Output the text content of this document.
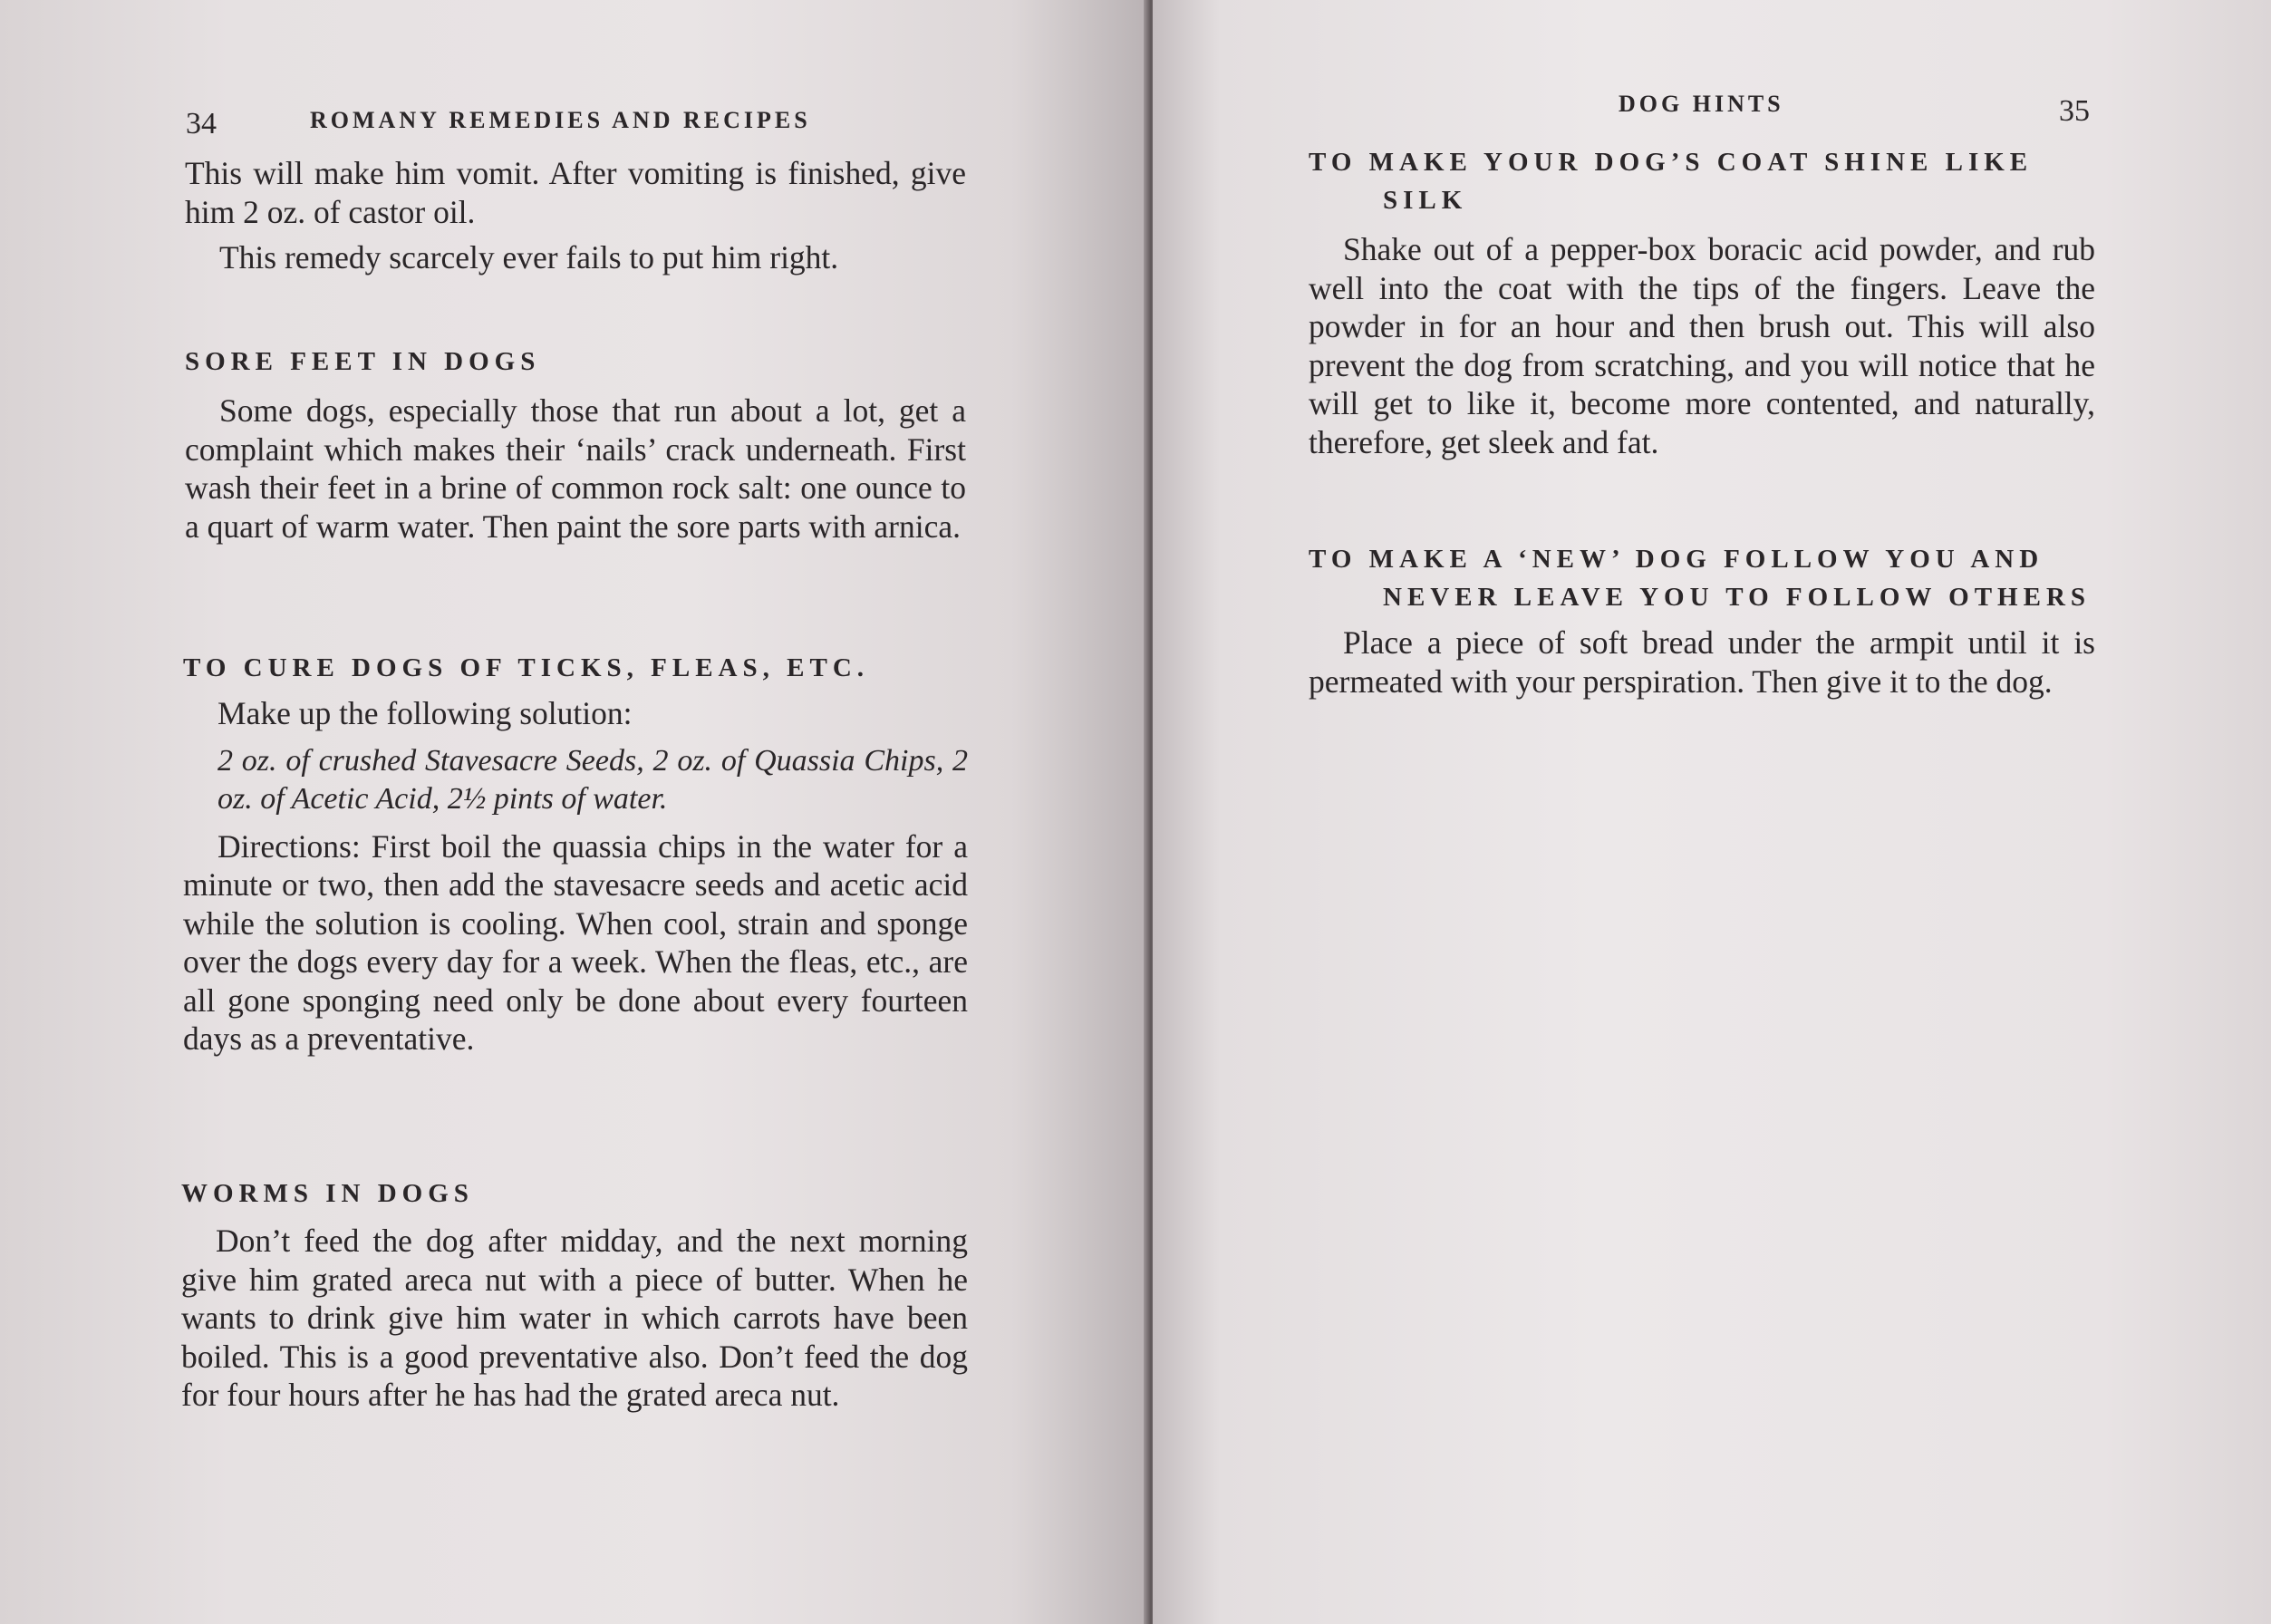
34	ROMANY REMEDIES AND RECIPES

This will make him vomit. After vomiting is finished, give him 2 oz. of castor oil.

This remedy scarcely ever fails to put him right.

SORE FEET IN DOGS

Some dogs, especially those that run about a lot, get a complaint which makes their ‘nails’ crack underneath. First wash their feet in a brine of common rock salt: one ounce to a quart of warm water. Then paint the sore parts with arnica.

TO CURE DOGS OF TICKS, FLEAS, ETC.

Make up the following solution:

2 oz. of crushed Stavesacre Seeds, 2 oz. of Quassia Chips, 2 oz. of Acetic Acid, 2½ pints of water.

Directions: First boil the quassia chips in the water for a minute or two, then add the stavesacre seeds and acetic acid while the solution is cooling. When cool, strain and sponge over the dogs every day for a week. When the fleas, etc., are all gone sponging need only be done about every fourteen days as a preventative.

WORMS IN DOGS

Don’t feed the dog after midday, and the next morning give him grated areca nut with a piece of butter. When he wants to drink give him water in which carrots have been boiled. This is a good preventative also. Don’t feed the dog for four hours after he has had the grated areca nut.

DOG HINTS	35
TO MAKE YOUR DOG’S COAT SHINE LIKE
SILK

Shake out of a pepper-box boracic acid powder, and rub well into the coat with the tips of the fingers. Leave the powder in for an hour and then brush out. This will also prevent the dog from scratching, and you will notice that he will get to like it, become more contented, and naturally, therefore, get sleek and fat.

TO MAKE A ‘NEW’ DOG FOLLOW YOU AND
NEVER LEAVE YOU TO FOLLOW OTHERS

Place a piece of soft bread under the armpit until it is permeated with your perspiration. Then give it to the dog.
